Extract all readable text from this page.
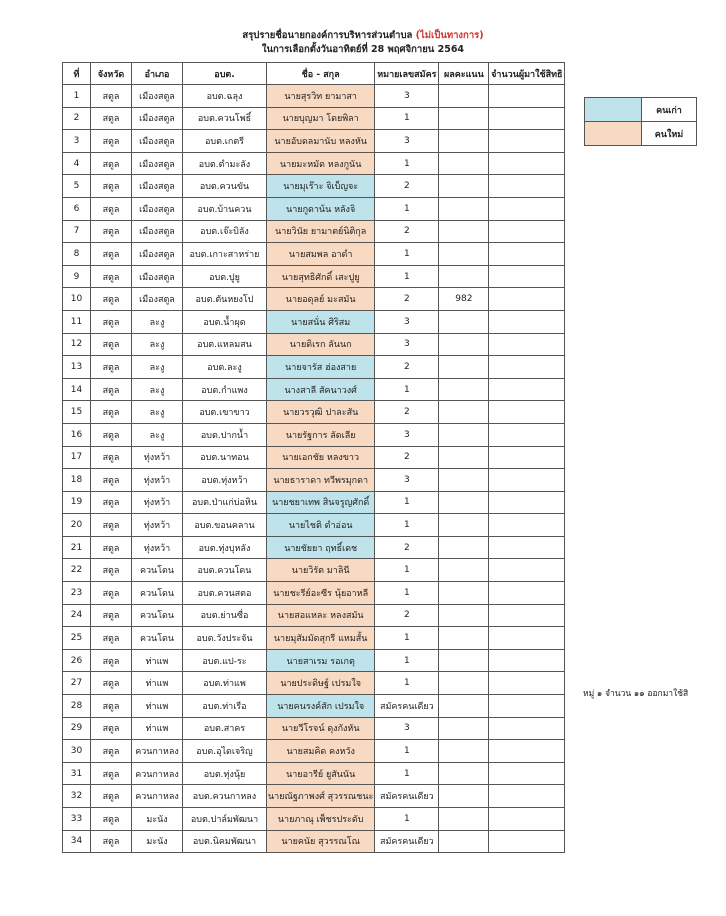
สรุปรายชื่อนายกองค์การบริหารส่วนตำบล (ไม่เป็นทางการ)
ในการเลือกตั้งวันอาทิตย์ที่ 28 พฤศจิกายน 2564
ที่	จังหวัด	อำเภอ	อบต.	ชื่อ - สกุล	หมายเลขสมัคร	ผลคะแนน	จำนวนผู้มาใช้สิทธิ
1	สตูล	เมืองสตูล	อบต.ฉลุง	นายสุรวิท ยามาสา	3		
2	สตูล	เมืองสตูล	อบต.ควนโพธิ์	นายบุญมา โดยพิลา	1		
3	สตูล	เมืองสตูล	อบต.เกตรี	นายอับดลมานับ หลงหัน	3		
4	สตูล	เมืองสตูล	อบต.ตำมะลัง	นายมะหมัด หลงกูนัน	1		
5	สตูล	เมืองสตูล	อบต.ควนขัน	นายมุเร๊าะ จิเบ็ญจะ	2		
6	สตูล	เมืองสตูล	อบต.บ้านควน	นายกูดาน้น หลังจิ	1		
7	สตูล	เมืองสตูล	อบต.เจ๊ะบิลัง	นายวินัย ยามาตย์นิติกุล	2		
8	สตูล	เมืองสตูล	อบต.เกาะสาหร่าย	นายสมพล อาดำ	1		
9	สตูล	เมืองสตูล	อบต.ปูยู	นายสุทธิศักดิ์ เสะปูยู	1		
10	สตูล	เมืองสตูล	อบต.ตันหยงโป	นายอดุลย์ มะสมัน	2	982	
11	สตูล	ละงู	อบต.น้ำผุด	นายสนั่น ศิริสม	3		
12	สตูล	ละงู	อบต.แหลมสน	นายดิเรก ลันนก	3		
13	สตูล	ละงู	อบต.ละงู	นายจารัส ฮ่องสาย	2		
14	สตูล	ละงู	อบต.กำแพง	นางสาลี สัคนาวงศ์	1		
15	สตูล	ละงู	อบต.เขาขาว	นายวรวุฒิ ปาละสัน	2		
16	สตูล	ละงู	อบต.ปากน้ำ	นายรัฐการ ลัดเลีย	3		
17	สตูล	ทุ่งหว้า	อบต.นาทอน	นายเอกชัย หลงขาว	2		
18	สตูล	ทุ่งหว้า	อบต.ทุ่งหว้า	นายธาราดา ทวีพรมุกดา	3		
19	สตูล	ทุ่งหว้า	อบต.ป่าแก่บ่อหิน	นายชยาเทพ สินจรูญศักดิ์	1		
20	สตูล	ทุ่งหว้า	อบต.ขอนคลาน	นายไชติ ดำอ่อน	1		
21	สตูล	ทุ่งหว้า	อบต.ทุ่งบุหลัง	นายชัยยา ฤทธิ์เดช	2		
22	สตูล	ควนโดน	อบต.ควนโดน	นายวิรัต มาลินี	1		
23	สตูล	ควนโดน	อบต.ควนสตอ	นายชะรีย์อะซีร นุ้ยอาหลี	1		
24	สตูล	ควนโดน	อบต.ย่านซื่อ	นายสอแหละ หลงสมัน	2		
25	สตูล	ควนโดน	อบต.วังประจัน	นายมุสัมมัดสุกรี แหมสั้น	1		
26	สตูล	ท่าแพ	อบต.แป-ระ	นายสาเรม รอเกตุ	1		
27	สตูล	ท่าแพ	อบต.ท่าแพ	นายประดิษฐ์ เปรมใจ	1		
28	สตูล	ท่าแพ	อบต.ท่าเรือ	นายคนรงค์สัก เปรมใจ	สมัครคนเดียว		
29	สตูล	ท่าแพ	อบต.สาคร	นายวีโรจน์ ดุงกังหัน	3		
30	สตูล	ควนกาหลง	อบต.อุไดเจริญ	นายสมคิด คงหวัง	1		
31	สตูล	ควนกาหลง	อบต.ทุ่งนุ้ย	นายอารีย์ ยูสันนัน	1		
32	สตูล	ควนกาหลง	อบต.ควนกาหลง	นายณัฐภาพงศ์ สุวรรณชนะ	สมัครคนเดียว		
33	สตูล	มะนัง	อบต.ปาล์มพัฒนา	นายภาณุ เพ็ชรประดับ	1		
34	สตูล	มะนัง	อบต.นิคมพัฒนา	นายคนัย สุวรรณโณ	สมัครคนเดียว		
	คนเก่า
	คนใหม่
หมู่ ๑ จำนวน ๑๑ ออกมาใช้สิ
